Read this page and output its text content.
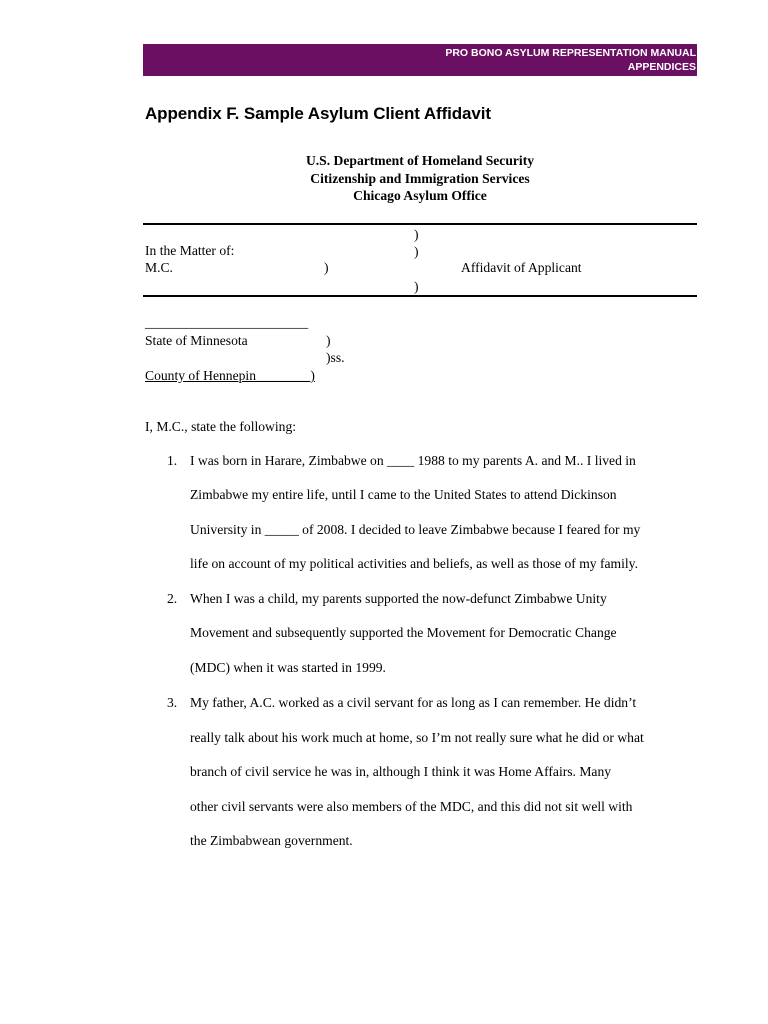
PRO BONO ASYLUM REPRESENTATION MANUAL
APPENDICES
Appendix F. Sample Asylum Client Affidavit
U.S. Department of Homeland Security
Citizenship and Immigration Services
Chicago Asylum Office
)
)
In the Matter of:
M.C.	)	Affidavit of Applicant
)
________________________
State of Minnesota	)
)ss.
County of Hennepin________)
I, M.C., state the following:
1. I was born in Harare, Zimbabwe on ____ 1988 to my parents A. and M.. I lived in
Zimbabwe my entire life, until I came to the United States to attend Dickinson
University in _____ of 2008. I decided to leave Zimbabwe because I feared for my
life on account of my political activities and beliefs, as well as those of my family.
2. When I was a child, my parents supported the now-defunct Zimbabwe Unity
Movement and subsequently supported the Movement for Democratic Change
(MDC) when it was started in 1999.
3. My father, A.C. worked as a civil servant for as long as I can remember. He didn’t
really talk about his work much at home, so I’m not really sure what he did or what
branch of civil service he was in, although I think it was Home Affairs. Many
other civil servants were also members of the MDC, and this did not sit well with
the Zimbabwean government.
